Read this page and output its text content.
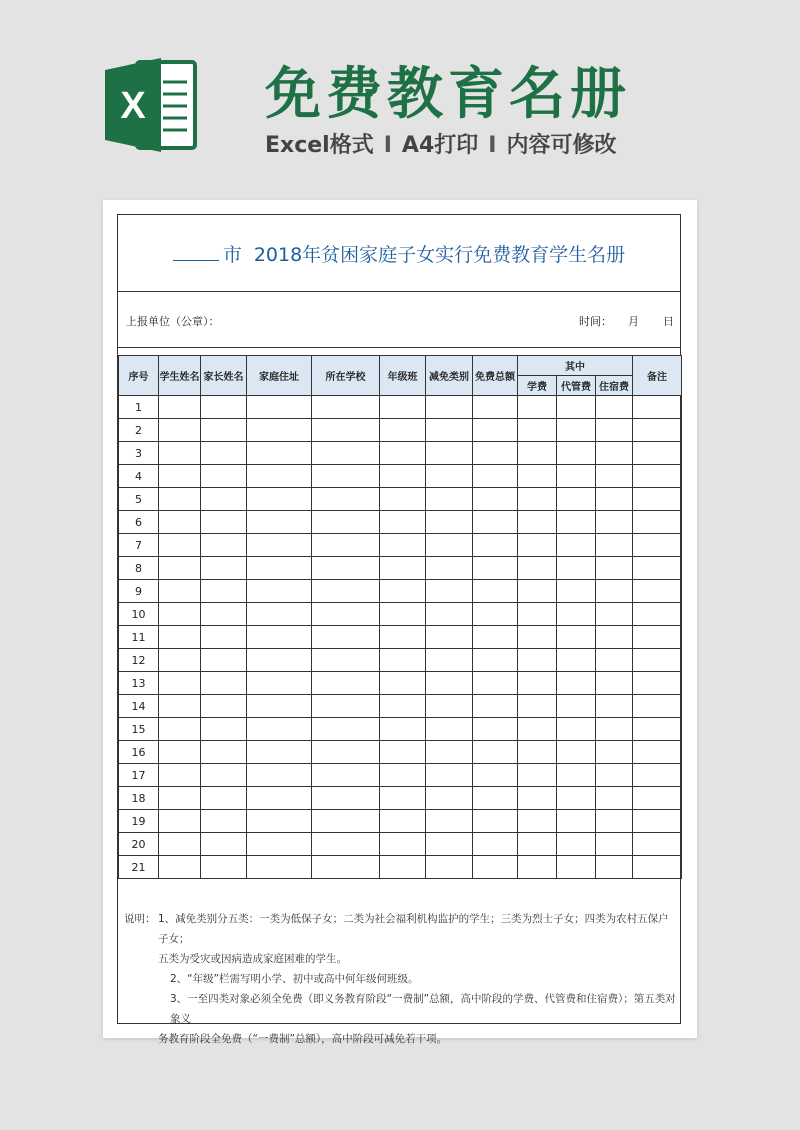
X 免费教育名册
Excel格式 I A4打印 I 内容可修改
市 2018年贫困家庭子女实行免费教育学生名册
上报单位（公章）：	时间： 月 日
序号	学生姓名	家长姓名	家庭住址	所在学校	年级班	减免类别	免费总额	其中			备注
								学费	代管费	住宿费	
1											
2											
3											
4											
5											
6											
7											
8											
9											
10											
11											
12											
13											
14											
15											
16											
17											
18											
19											
20											
21											
说明： 1、减免类别分五类：一类为低保子女；二类为社会福利机构监护的学生；三类为烈士子女；四类为农村五保户子女；

五类为受灾或因病造成家庭困难的学生。

2、“年级”栏需写明小学、初中或高中何年级何班级。

3、一至四类对象必须全免费（即义务教育阶段“一费制”总额，高中阶段的学费、代管费和住宿费）；第五类对象义

务教育阶段全免费（“一费制”总额），高中阶段可减免若干项。
